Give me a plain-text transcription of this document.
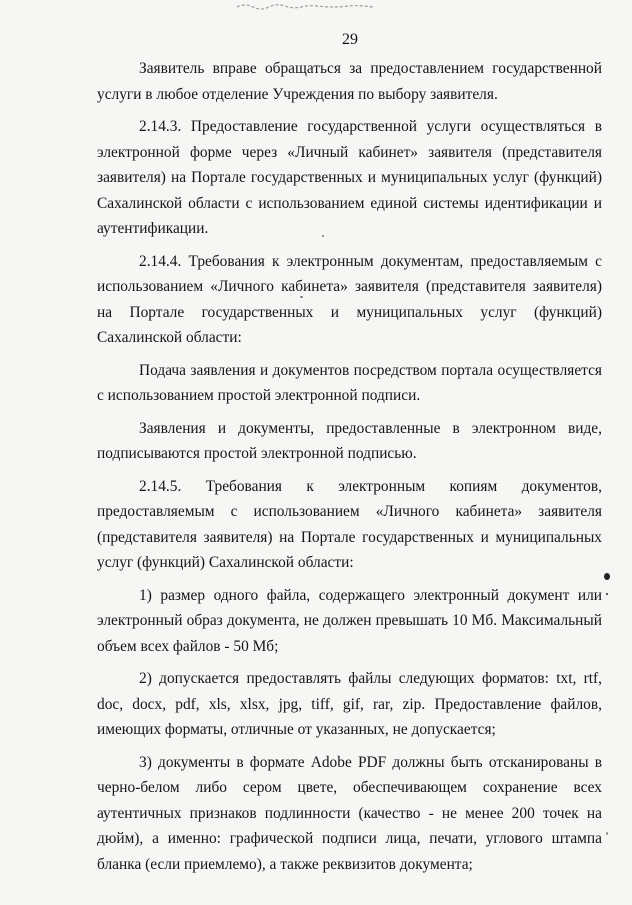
29

Заявитель вправе обращаться за предоставлением государственной услуги в любое отделение Учреждения по выбору заявителя.

2.14.3. Предоставление государственной услуги осуществляться в электронной форме через «Личный кабинет» заявителя (представителя заявителя) на Портале государственных и муниципальных услуг (функций) Сахалинской области с использованием единой системы идентификации и аутентификации.

2.14.4. Требования к электронным документам, предоставляемым с использованием «Личного кабинета» заявителя (представителя заявителя) на Портале государственных и муниципальных услуг (функций) Сахалинской области:

Подача заявления и документов посредством портала осуществляется с использованием простой электронной подписи.

Заявления и документы, предоставленные в электронном виде, подписываются простой электронной подписью.

2.14.5. Требования к электронным копиям документов, предоставляемым с использованием «Личного кабинета» заявителя (представителя заявителя) на Портале государственных и муниципальных услуг (функций) Сахалинской области:

1) размер одного файла, содержащего электронный документ или электронный образ документа, не должен превышать 10 Мб. Максимальный объем всех файлов - 50 Мб;

2) допускается предоставлять файлы следующих форматов: txt, rtf, doc, docx, pdf, xls, xlsx, jpg, tiff, gif, rar, zip. Предоставление файлов, имеющих форматы, отличные от указанных, не допускается;

3) документы в формате Adobe PDF должны быть отсканированы в черно-белом либо сером цвете, обеспечивающем сохранение всех аутентичных признаков подлинности (качество - не менее 200 точек на дюйм), а именно: графической подписи лица, печати, углового штампа бланка (если приемлемо), а также реквизитов документа;
